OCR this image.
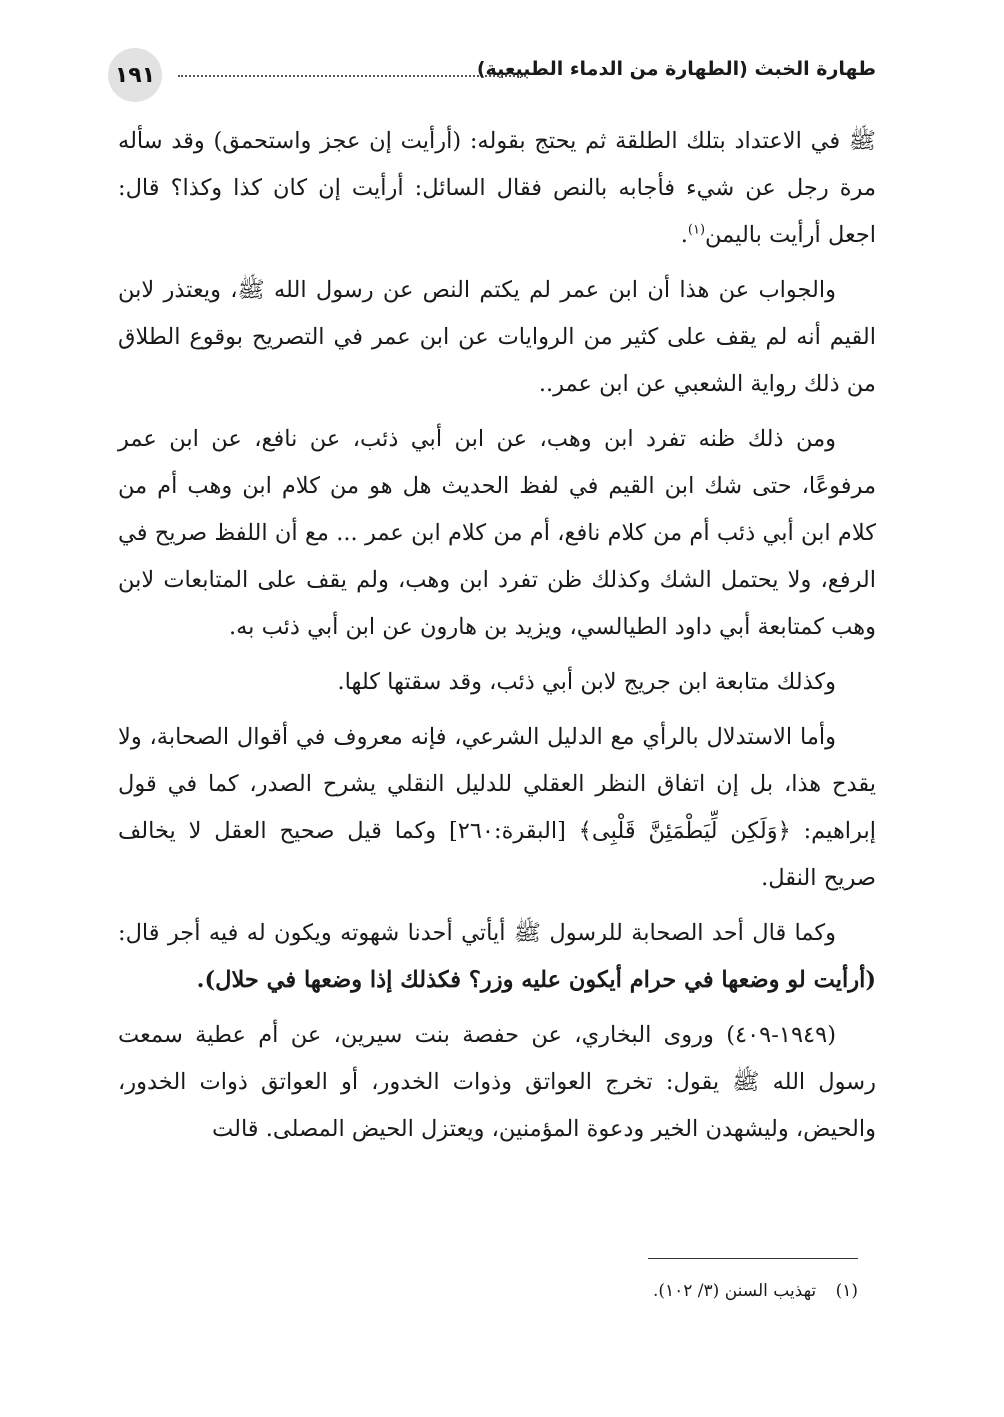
١٩١	طهارة الخبث (الطهارة من الدماء الطبيعية)

ﷺ في الاعتداد بتلك الطلقة ثم يحتج بقوله: (أرأيت إن عجز واستحمق) وقد سأله مرة رجل عن شيء فأجابه بالنص فقال السائل: أرأيت إن كان كذا وكذا؟ قال: اجعل أرأيت باليمن$^{(١)}$.

والجواب عن هذا أن ابن عمر لم يكتم النص عن رسول الله ﷺ، ويعتذر لابن القيم أنه لم يقف على كثير من الروايات عن ابن عمر في التصريح بوقوع الطلاق من ذلك رواية الشعبي عن ابن عمر..

ومن ذلك ظنه تفرد ابن وهب، عن ابن أبي ذئب، عن نافع، عن ابن عمر مرفوعًا، حتى شك ابن القيم في لفظ الحديث هل هو من كلام ابن وهب أم من كلام ابن أبي ذئب أم من كلام نافع، أم من كلام ابن عمر ... مع أن اللفظ صريح في الرفع، ولا يحتمل الشك وكذلك ظن تفرد ابن وهب، ولم يقف على المتابعات لابن وهب كمتابعة أبي داود الطيالسي، ويزيد بن هارون عن ابن أبي ذئب به.

وكذلك متابعة ابن جريج لابن أبي ذئب، وقد سقتها كلها.

وأما الاستدلال بالرأي مع الدليل الشرعي، فإنه معروف في أقوال الصحابة، ولا يقدح هذا، بل إن اتفاق النظر العقلي للدليل النقلي يشرح الصدر، كما في قول إبراهيم: ﴿وَلَكِن لِّيَطْمَئِنَّ قَلْبِى﴾ [البقرة:٢٦٠] وكما قيل صحيح العقل لا يخالف صريح النقل.

وكما قال أحد الصحابة للرسول ﷺ أيأتي أحدنا شهوته ويكون له فيه أجر قال: (أرأيت لو وضعها في حرام أيكون عليه وزر؟ فكذلك إذا وضعها في حلال).

(١٩٤٩-٤٠٩) وروى البخاري، عن حفصة بنت سيرين، عن أم عطية سمعت رسول الله ﷺ يقول: تخرج العواتق وذوات الخدور، أو العواتق ذوات الخدور، والحيض، وليشهدن الخير ودعوة المؤمنين، ويعتزل الحيض المصلى. قالت

(١) تهذيب السنن (٣/ ١٠٢).
